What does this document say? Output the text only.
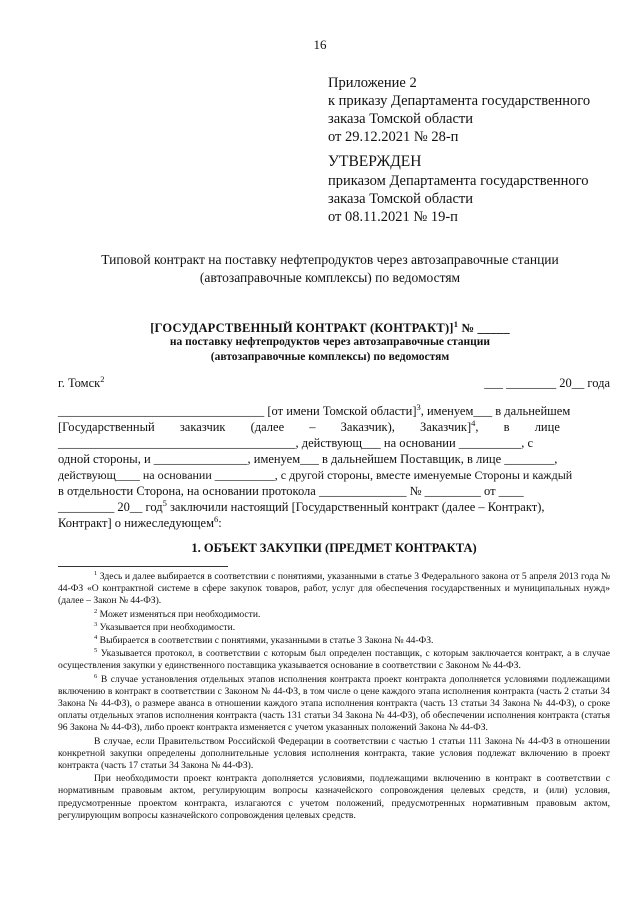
16
Приложение 2
к приказу Департамента государственного
заказа Томской области
от 29.12.2021 № 28-п
УТВЕРЖДЕН
приказом Департамента государственного
заказа Томской области
от 08.11.2021 № 19-п
Типовой контракт на поставку нефтепродуктов через автозаправочные станции
(автозаправочные комплексы) по ведомостям
[ГОСУДАРСТВЕННЫЙ КОНТРАКТ (КОНТРАКТ)]$^1$ № _____
на поставку нефтепродуктов через автозаправочные станции
(автозаправочные комплексы) по ведомостям
г. Томск$^2$	___ ________ 20__ года
_________________________________ [от имени Томской области]$^3$, именуем___ в дальнейшем
[Государственный заказчик (далее – Заказчик), Заказчик]$^4$, в лице
______________________________________, действующ___ на основании __________, с
одной стороны, и _______________, именуем___ в дальнейшем Поставщик, в лице ________,
действующ____ на основании __________, с другой стороны, вместе именуемые Стороны и каждый
в отдельности Сторона, на основании протокола ______________ № _________ от ____
_________ 20__ год$^5$ заключили настоящий [Государственный контракт (далее – Контракт),
Контракт] о нижеследующем$^6$:
1. ОБЪЕКТ ЗАКУПКИ (ПРЕДМЕТ КОНТРАКТА)

$^1$ Здесь и далее выбирается в соответствии с понятиями, указанными в статье 3 Федерального закона от 5 апреля 2013 года № 44-ФЗ «О контрактной системе в сфере закупок товаров, работ, услуг для обеспечения государственных и муниципальных нужд» (далее – Закон № 44-ФЗ).

$^2$ Может изменяться при необходимости.

$^3$ Указывается при необходимости.

$^4$ Выбирается в соответствии с понятиями, указанными в статье 3 Закона № 44-ФЗ.

$^5$ Указывается протокол, в соответствии с которым был определен поставщик, с которым заключается контракт, а в случае осуществления закупки у единственного поставщика указывается основание в соответствии с Законом № 44-ФЗ.

$^6$ В случае установления отдельных этапов исполнения контракта проект контракта дополняется условиями подлежащими включению в контракт в соответствии с Законом № 44-ФЗ, в том числе о цене каждого этапа исполнения контракта (часть 2 статьи 34 Закона № 44-ФЗ), о размере аванса в отношении каждого этапа исполнения контракта (часть 13 статьи 34 Закона № 44-ФЗ), о сроке оплаты отдельных этапов исполнения контракта (часть 131 статьи 34 Закона № 44-ФЗ), об обеспечении исполнения контракта (статья 96 Закона № 44-ФЗ), либо проект контракта изменяется с учетом указанных положений Закона № 44-ФЗ.

В случае, если Правительством Российской Федерации в соответствии с частью 1 статьи 111 Закона № 44-ФЗ в отношении конкретной закупки определены дополнительные условия исполнения контракта, такие условия подлежат включению в проект контракта (часть 17 статьи 34 Закона № 44-ФЗ).

При необходимости проект контракта дополняется условиями, подлежащими включению в контракт в соответствии с нормативным правовым актом, регулирующим вопросы казначейского сопровождения целевых средств, и (или) условия, предусмотренные проектом контракта, излагаются с учетом положений, предусмотренных нормативным правовым актом, регулирующим вопросы казначейского сопровождения целевых средств.
